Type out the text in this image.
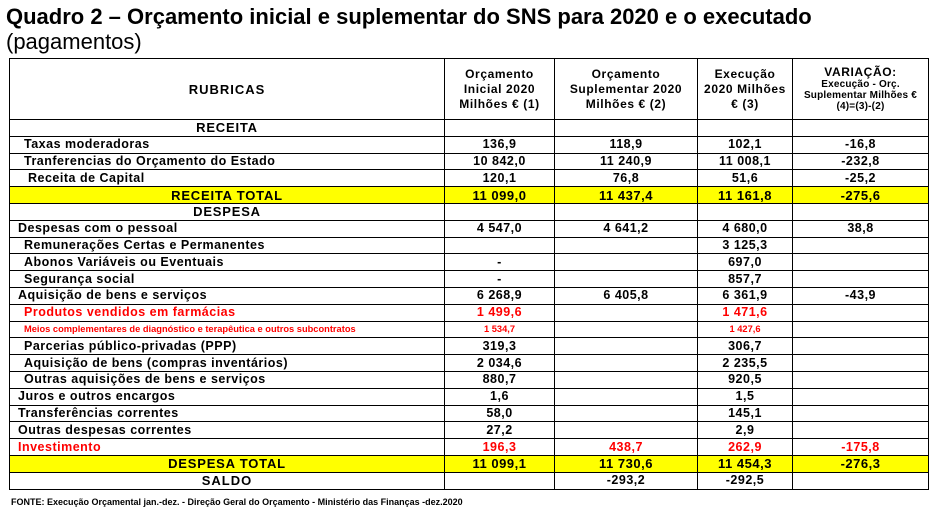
Quadro 2 – Orçamento inicial e suplementar do SNS para 2020 e o executado
(pagamentos)
RUBRICAS	Orçamento Inicial 2020 Milhões € (1)	Orçamento Suplementar 2020 Milhões € (2)	Execução 2020 Milhões € (3)	VARIAÇÃO:
Execução - Orç. Suplementar Milhões € (4)=(3)-(2)
RECEITA				
Taxas moderadoras	136,9	118,9	102,1	-16,8
Tranferencias do Orçamento do Estado	10 842,0	11 240,9	11 008,1	-232,8
Receita de Capital	120,1	76,8	51,6	-25,2
RECEITA TOTAL	11 099,0	11 437,4	11 161,8	-275,6
DESPESA				
Despesas com o pessoal	4 547,0	4 641,2	4 680,0	38,8
Remunerações Certas e Permanentes			3 125,3	
Abonos Variáveis ou Eventuais	-		697,0	
Segurança social	-		857,7	
Aquisição de bens e serviços	6 268,9	6 405,8	6 361,9	-43,9
Produtos vendidos em farmácias	1 499,6		1 471,6	
Meios complementares de diagnóstico e terapêutica e outros subcontratos	1 534,7		1 427,6	
Parcerias público-privadas (PPP)	319,3		306,7	
Aquisição de bens (compras inventários)	2 034,6		2 235,5	
Outras aquisições de bens e serviços	880,7		920,5	
Juros e outros encargos	1,6		1,5	
Transferências correntes	58,0		145,1	
Outras despesas correntes	27,2		2,9	
Investimento	196,3	438,7	262,9	-175,8
DESPESA TOTAL	11 099,1	11 730,6	11 454,3	-276,3
SALDO		-293,2	-292,5	
FONTE: Execução Orçamental jan.-dez. - Direção Geral do Orçamento - Ministério das Finanças -dez.2020
